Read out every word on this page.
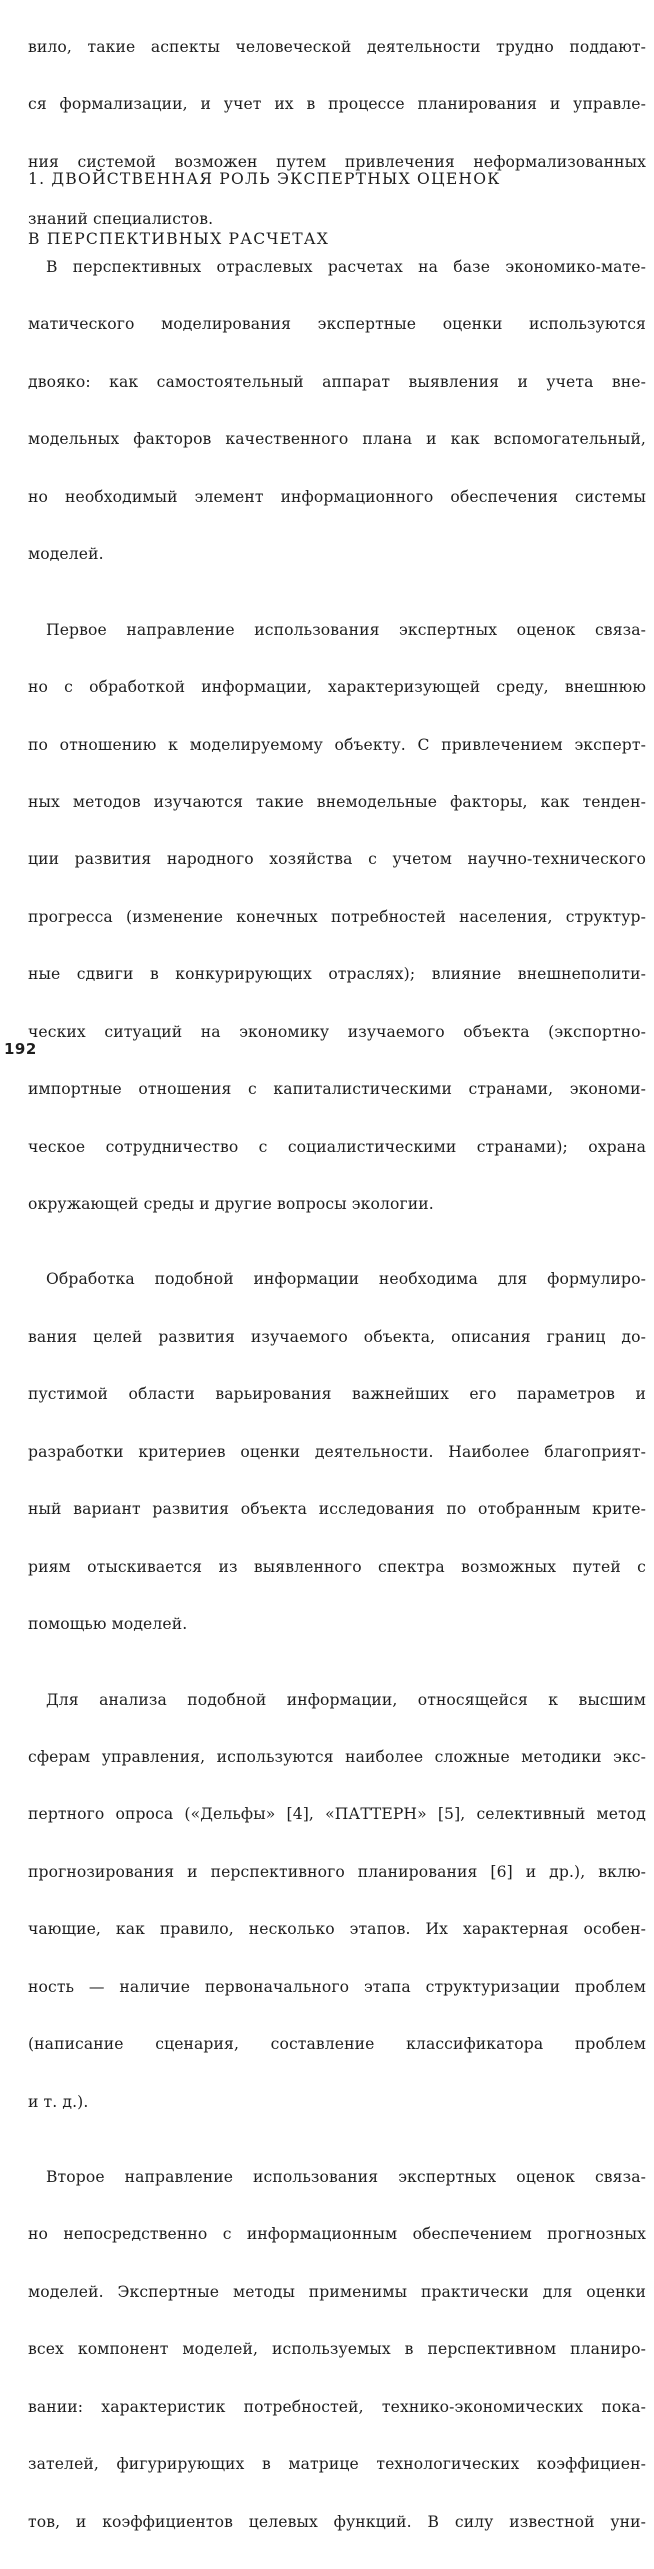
вило, такие аспекты человеческой деятельности трудно поддают-

ся формализации, и учет их в процессе планирования и управле-

ния системой возможен путем привлечения неформализованных

знаний специалистов.

1. ДВОЙСТВЕННАЯ РОЛЬ ЭКСПЕРТНЫХ ОЦЕНОК

В ПЕРСПЕКТИВНЫХ РАСЧЕТАХ

В перспективных отраслевых расчетах на базе экономико-мате-

матического моделирования экспертные оценки используются

двояко: как самостоятельный аппарат выявления и учета вне-

модельных факторов качественного плана и как вспомогательный,

но необходимый элемент информационного обеспечения системы

моделей.

Первое направление использования экспертных оценок связа-

но с обработкой информации, характеризующей среду, внешнюю

по отношению к моделируемому объекту. С привлечением эксперт-

ных методов изучаются такие внемодельные факторы, как тенден-

ции развития народного хозяйства с учетом научно-технического

прогресса (изменение конечных потребностей населения, структур-

ные сдвиги в конкурирующих отраслях); влияние внешнеполити-

ческих ситуаций на экономику изучаемого объекта (экспортно-

импортные отношения с капиталистическими странами, экономи-

ческое сотрудничество с социалистическими странами); охрана

окружающей среды и другие вопросы экологии.

Обработка подобной информации необходима для формулиро-

вания целей развития изучаемого объекта, описания границ до-

пустимой области варьирования важнейших его параметров и

разработки критериев оценки деятельности. Наиболее благоприят-

ный вариант развития объекта исследования по отобранным крите-

риям отыскивается из выявленного спектра возможных путей с

помощью моделей.

Для анализа подобной информации, относящейся к высшим

сферам управления, используются наиболее сложные методики экс-

пертного опроса («Дельфы» [4], «ПАТТЕРН» [5], селективный метод

прогнозирования и перспективного планирования [6] и др.), вклю-

чающие, как правило, несколько этапов. Их характерная особен-

ность — наличие первоначального этапа структуризации проблем

(написание сценария, составление классификатора проблем

и т. д.).

Второе направление использования экспертных оценок связа-

но непосредственно с информационным обеспечением прогнозных

моделей. Экспертные методы применимы практически для оценки

всех компонент моделей, используемых в перспективном планиро-

вании: характеристик потребностей, технико-экономических пока-

зателей, фигурирующих в матрице технологических коэффициен-

тов, и коэффициентов целевых функций. В силу известной уни-

192
